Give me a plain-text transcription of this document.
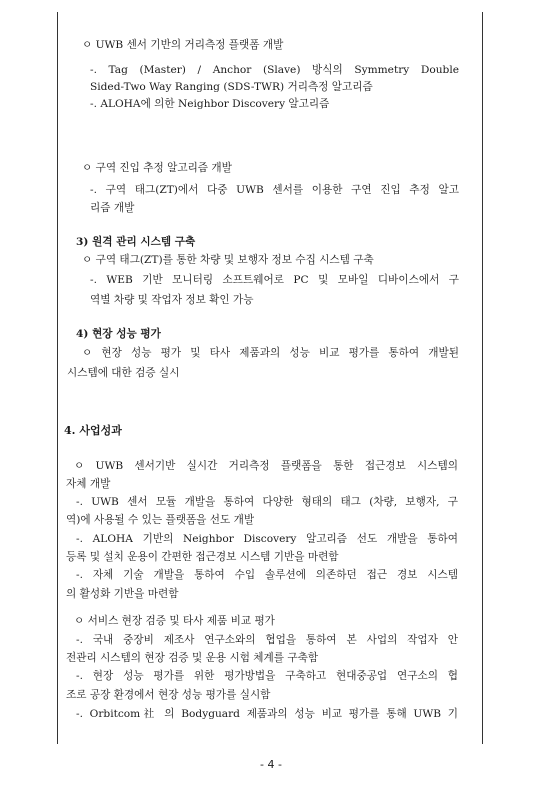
ㅇ UWB 센서 기반의 거리측정 플랫폼 개발
-. Tag (Master) / Anchor (Slave) 방식의 Symmetry Double
Sided-Two Way Ranging (SDS-TWR) 거리측정 알고리즘
-. ALOHA에 의한 Neighbor Discovery 알고리즘
ㅇ 구역 진입 추정 알고리즘 개발
-. 구역 태그(ZT)에서 다중 UWB 센서를 이용한 구연 진입 추정 알고
리즘 개발
3) 원격 관리 시스템 구축
ㅇ 구역 태그(ZT)를 통한 차량 및 보행자 정보 수집 시스템 구축
-. WEB 기반 모니터링 소프트웨어로 PC 및 모바일 디바이스에서 구
역별 차량 및 작업자 정보 확인 가능
4) 현장 성능 평가
ㅇ 현장 성능 평가 및 타사 제품과의 성능 비교 평가를 통하여 개발된
시스템에 대한 검증 실시
4. 사업성과
ㅇ UWB 센서기반 실시간 거리측정 플랫폼을 통한 접근경보 시스템의
자체 개발
-. UWB 센서 모듈 개발을 통하여 다양한 형태의 태그 (차량, 보행자, 구
역)에 사용될 수 있는 플랫폼을 선도 개발
-. ALOHA 기반의 Neighbor Discovery 알고리즘 선도 개발을 통하여
등록 및 설치 운용이 간편한 접근경보 시스템 기반을 마련함
-. 자체 기술 개발을 통하여 수입 솔루션에 의존하던 접근 경보 시스템
의 활성화 기반을 마련함
ㅇ 서비스 현장 검증 및 타사 제품 비교 평가
-. 국내 중장비 제조사 연구소와의 협업을 통하여 본 사업의 작업자 안
전관리 시스템의 현장 검증 및 운용 시험 체계를 구축함
-. 현장 성능 평가를 위한 평가방법을 구축하고 현대중공업 연구소의 협
조로 공장 환경에서 현장 성능 평가를 실시함
-. Orbitcom社 의 Bodyguard 제품과의 성능 비교 평가를 통해 UWB 기
- 4 -
